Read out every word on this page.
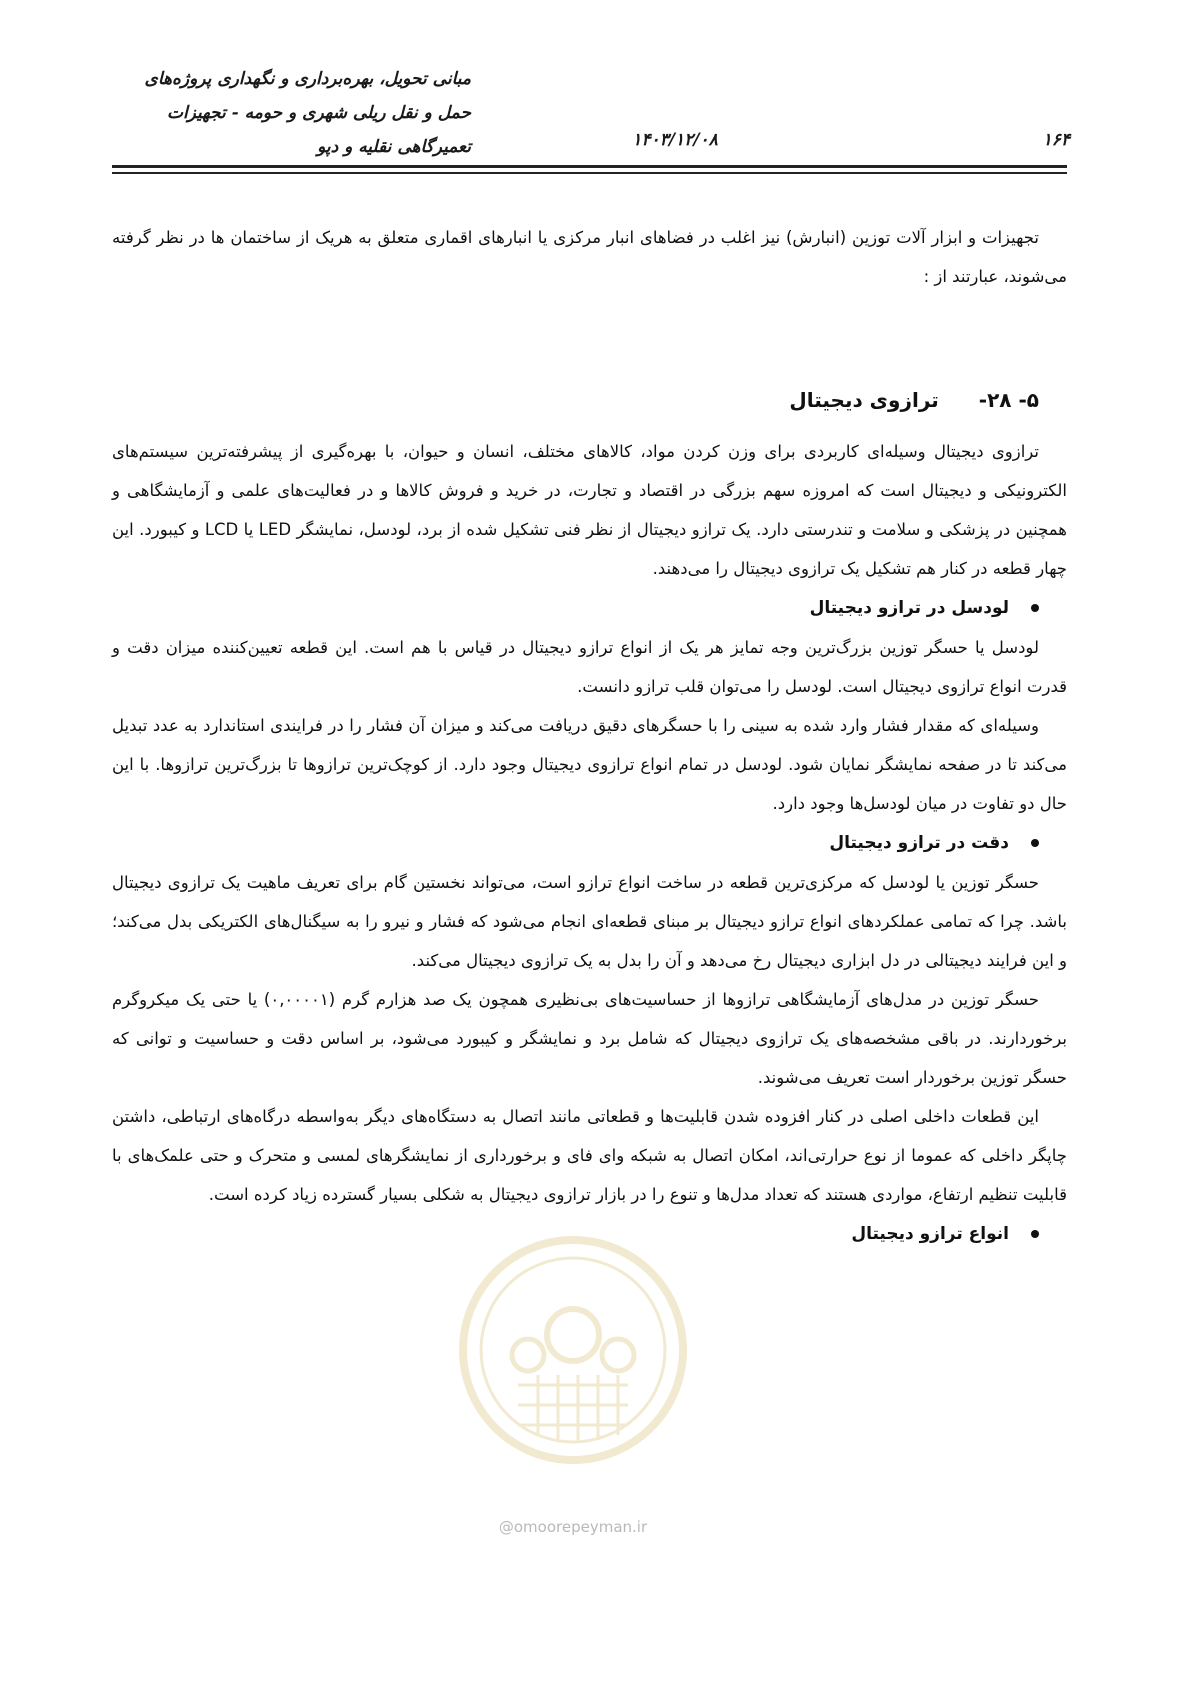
مبانی تحویل، بهره‌برداری و نگهداری پروژه‌های
حمل و نقل ریلی شهری و حومه - تجهیزات
تعمیرگاهی نقلیه و دپو	۱۴۰۳/۱۲/۰۸	۱۶۴

تجهیزات و ابزار آلات توزین (انبارش) نیز اغلب در فضاهای انبار مرکزی یا انبارهای اقماری متعلق به هریک از ساختمان ها در نظر گرفته می‌شوند، عبارتند از :

۵- ۲۸-
ترازوی دیجیتال

ترازوی دیجیتال وسیله‌ای کاربردی برای وزن کردن مواد، کالاهای مختلف، انسان و حیوان، با بهره‌گیری از پیشرفته‌ترین سیستم‌های الکترونیکی و دیجیتال است که امروزه سهم بزرگی در اقتصاد و تجارت، در خرید و فروش کالاها و در فعالیت‌های علمی و آزمایشگاهی و همچنین در پزشکی و سلامت و تندرستی دارد. یک ترازو دیجیتال از نظر فنی تشکیل شده از برد، لودسل، نمایشگر LED یا LCD و کیبورد. این چهار قطعه در کنار هم تشکیل یک ترازوی دیجیتال را می‌دهند.

لودسل در ترازو دیجیتال

لودسل یا حسگر توزین بزرگ‌ترین وجه تمایز هر یک از انواع ترازو دیجیتال در قیاس با هم است. این قطعه تعیین‌کننده میزان دقت و قدرت انواع ترازوی دیجیتال است. لودسل را می‌توان قلب ترازو دانست.

وسیله‌ای که مقدار فشار وارد شده به سینی را با حسگرهای دقیق دریافت می‌کند و میزان آن فشار را در فرایندی استاندارد به عدد تبدیل می‌کند تا در صفحه نمایشگر نمایان شود. لودسل در تمام انواع ترازوی دیجیتال وجود دارد. از کوچک‌ترین ترازوها تا بزرگ‌ترین ترازوها. با این حال دو تفاوت در میان لودسل‌ها وجود دارد.

دقت در ترازو دیجیتال

حسگر توزین یا لودسل که مرکزی‌ترین قطعه در ساخت انواع ترازو است، می‌تواند نخستین گام برای تعریف ماهیت یک ترازوی دیجیتال باشد. چرا که تمامی عملکردهای انواع ترازو دیجیتال بر مبنای قطعه‌ای انجام می‌شود که فشار و نیرو را به سیگنال‌های الکتریکی بدل می‌کند؛ و این فرایند دیجیتالی در دل ابزاری دیجیتال رخ می‌دهد و آن را بدل به یک ترازوی دیجیتال می‌کند.

حسگر توزین در مدل‌های آزمایشگاهی ترازوها از حساسیت‌های بی‌نظیری همچون یک صد هزارم گرم (۰,۰۰۰۰۱) یا حتی یک میکروگرم برخوردارند. در باقی مشخصه‌های یک ترازوی دیجیتال که شامل برد و نمایشگر و کیبورد می‌شود، بر اساس دقت و حساسیت و توانی که حسگر توزین برخوردار است تعریف می‌شوند.

این قطعات داخلی اصلی در کنار افزوده شدن قابلیت‌ها و قطعاتی مانند اتصال به دستگاه‌های دیگر به‌واسطه درگاه‌های ارتباطی، داشتن چاپگر داخلی که عموما از نوع حرارتی‌اند، امکان اتصال به شبکه وای فای و برخورداری از نمایشگرهای لمسی و متحرک و حتی علمک‌های با قابلیت تنظیم ارتفاع، مواردی هستند که تعداد مدل‌ها و تنوع را در بازار ترازوی دیجیتال به شکلی بسیار گسترده زیاد کرده است.

انواع ترازو دیجیتال
@omoorepeyman.ir
